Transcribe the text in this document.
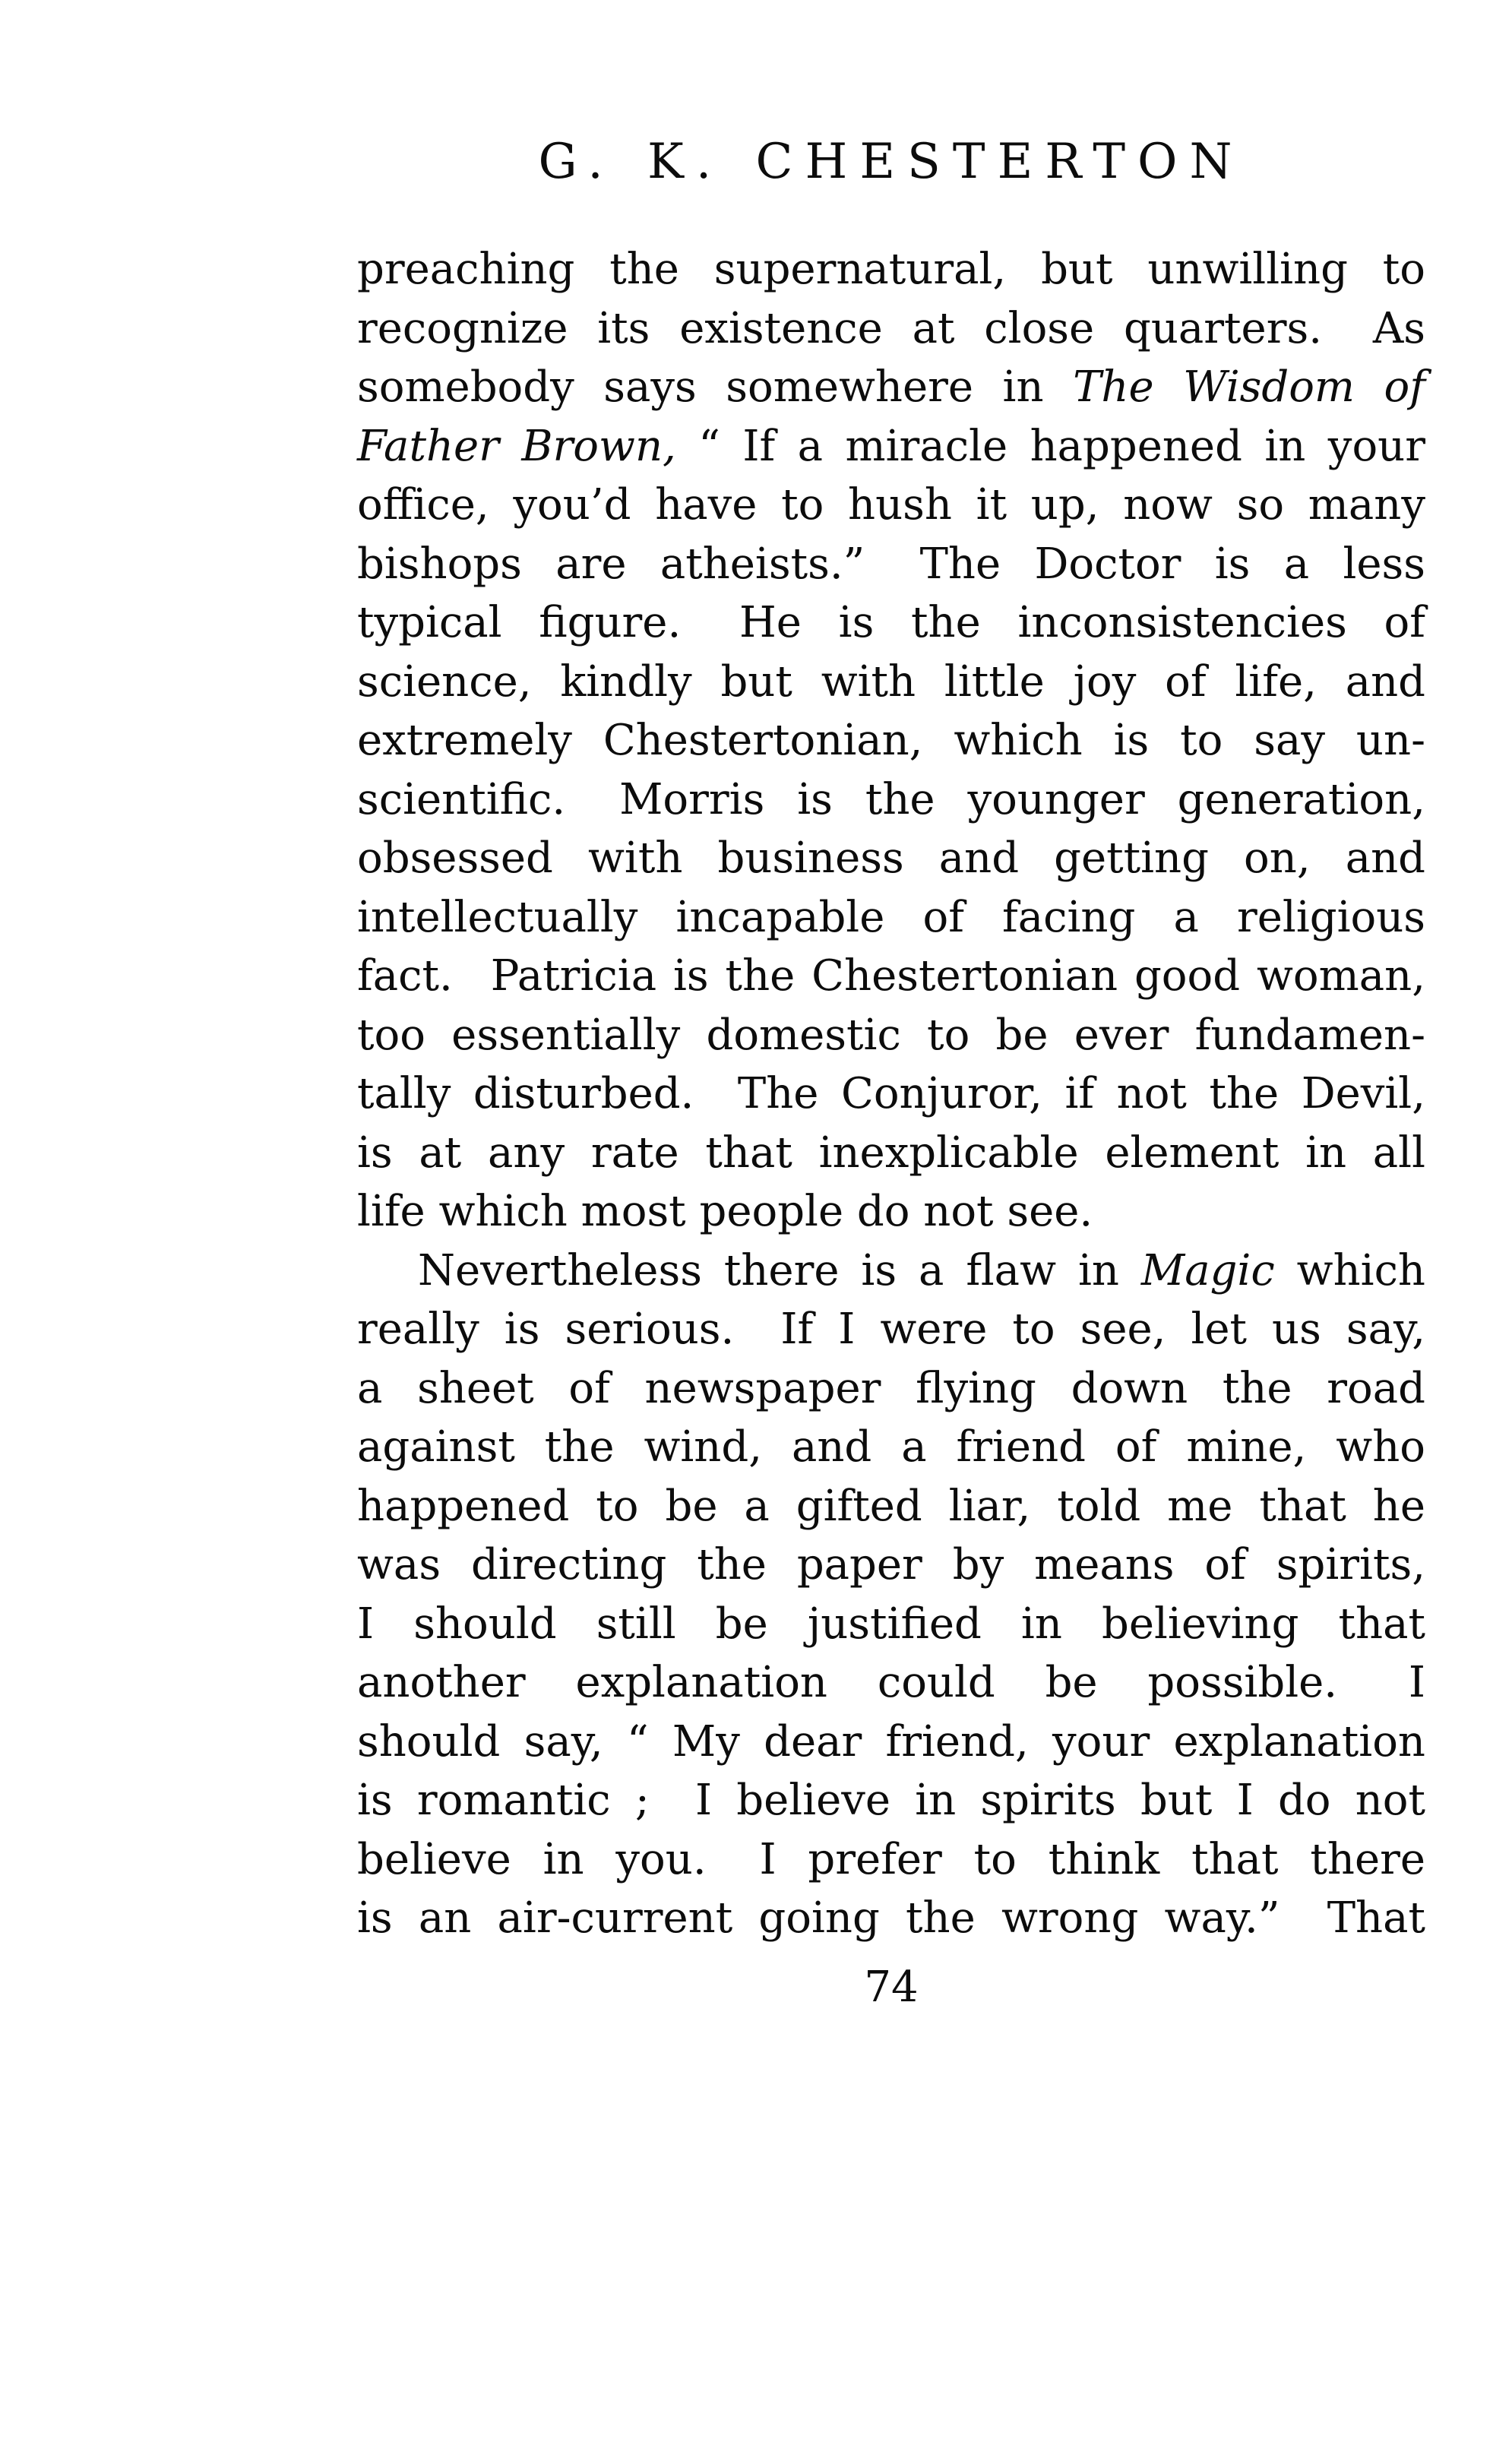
G. K. CHESTERTON
preaching the supernatural, but unwilling to
recognize its existence at close quarters.  As
somebody says somewhere in The Wisdom of
Father Brown, “ If a miracle happened in your
office, you’d have to hush it up, now so many
bishops are atheists.”  The Doctor is a less
typical figure.  He is the inconsistencies of
science, kindly but with little joy of life, and
extremely Chestertonian, which is to say un-
scientific.  Morris is the younger generation,
obsessed with business and getting on, and
intellectually incapable of facing a religious
fact.  Patricia is the Chestertonian good woman,
too essentially domestic to be ever fundamen-
tally disturbed.  The Conjuror, if not the Devil,
is at any rate that inexplicable element in all
life which most people do not see.
Nevertheless there is a flaw in Magic which
really is serious.  If I were to see, let us say,
a sheet of newspaper flying down the road
against the wind, and a friend of mine, who
happened to be a gifted liar, told me that he
was directing the paper by means of spirits,
I should still be justified in believing that
another explanation could be possible.  I
should say, “ My dear friend, your explanation
is romantic ;  I believe in spirits but I do not
believe in you.  I prefer to think that there
is an air-current going the wrong way.”  That
74
